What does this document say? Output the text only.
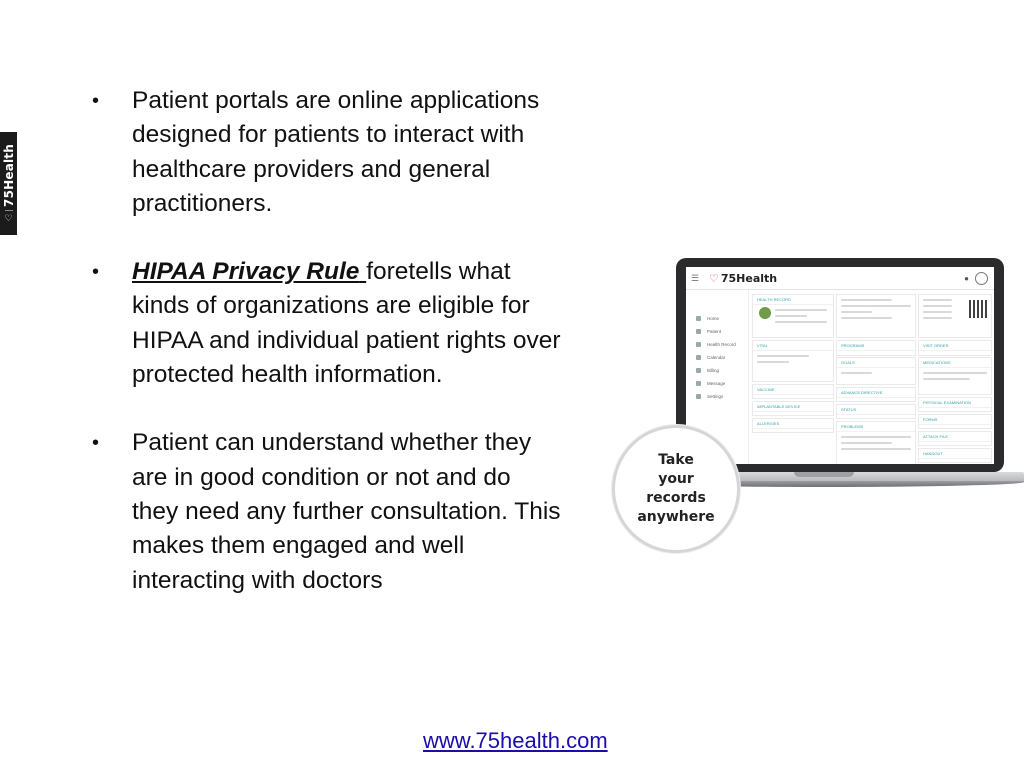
75Health
♡
•	Patient portals are online applications designed for patients to interact with healthcare providers and general practitioners.
•	HIPAA Privacy Rule foretells what kinds of organizations are eligible for HIPAA and individual patient rights over protected health information.
•	Patient can understand whether they are in good condition or not and do they need any further consultation. This makes them engaged and well interacting with doctors
☰ ♡ 75Health	●
Home
Patient
Health Record
Calendar
Billing
Message
Settings
HEALTH RECORD
VITAL	PROGRAMS	VISIT ORDER
MEDICATIONS
GOALS
VACCINE
ADVANCE DIRECTIVE
PHYSICAL EXAMINATION
IMPLANTABLE DEVICE
STATUS
ALLERGIES
PROBLEMS
FORMS
ATTACH FILE
HANDOUT
Take
your
records
anywhere
www.75health.com
